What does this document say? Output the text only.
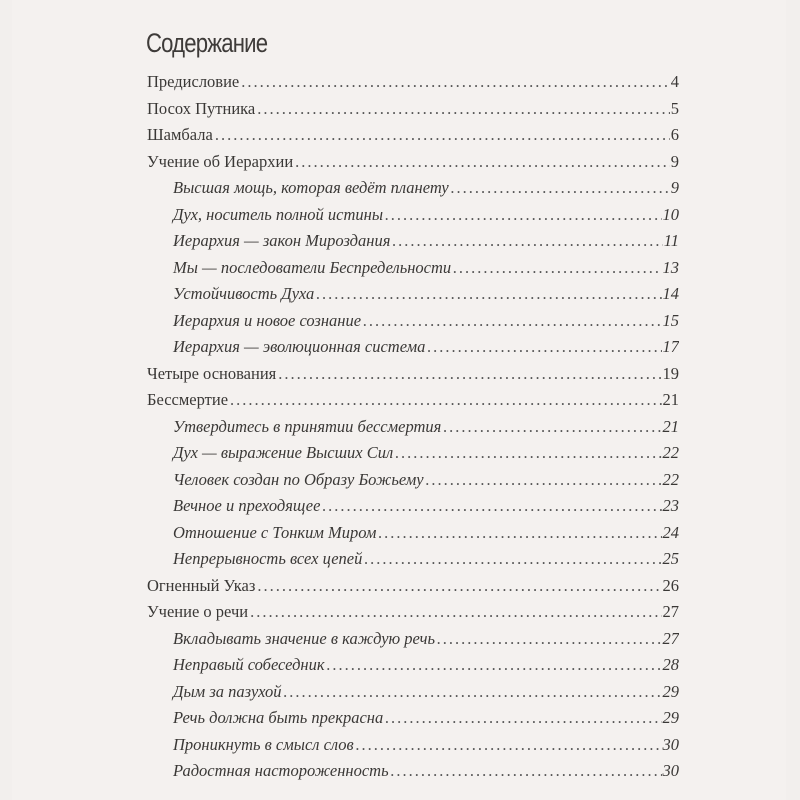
Содержание
Предисловие .....	4
Посох Путника .....	5
Шамбала .....	6
Учение об Иерархии .....	9
Высшая мощь, которая ведёт планету .....	9
Дух, носитель полной истины .....	10
Иерархия — закон Мироздания .....	11
Мы — последователи Беспредельности .....	13
Устойчивость Духа .....	14
Иерархия и новое сознание .....	15
Иерархия — эволюционная система .....	17
Четыре основания .....	19
Бессмертие .....	21
Утвердитесь в принятии бессмертия .....	21
Дух — выражение Высших Сил .....	22
Человек создан по Образу Божьему .....	22
Вечное и преходящее .....	23
Отношение с Тонким Миром .....	24
Непрерывность всех цепей .....	25
Огненный Указ .....	26
Учение о речи .....	27
Вкладывать значение в каждую речь .....	27
Неправый собеседник .....	28
Дым за пазухой .....	29
Речь должна быть прекрасна .....	29
Проникнуть в смысл слов .....	30
Радостная настороженность .....	30
